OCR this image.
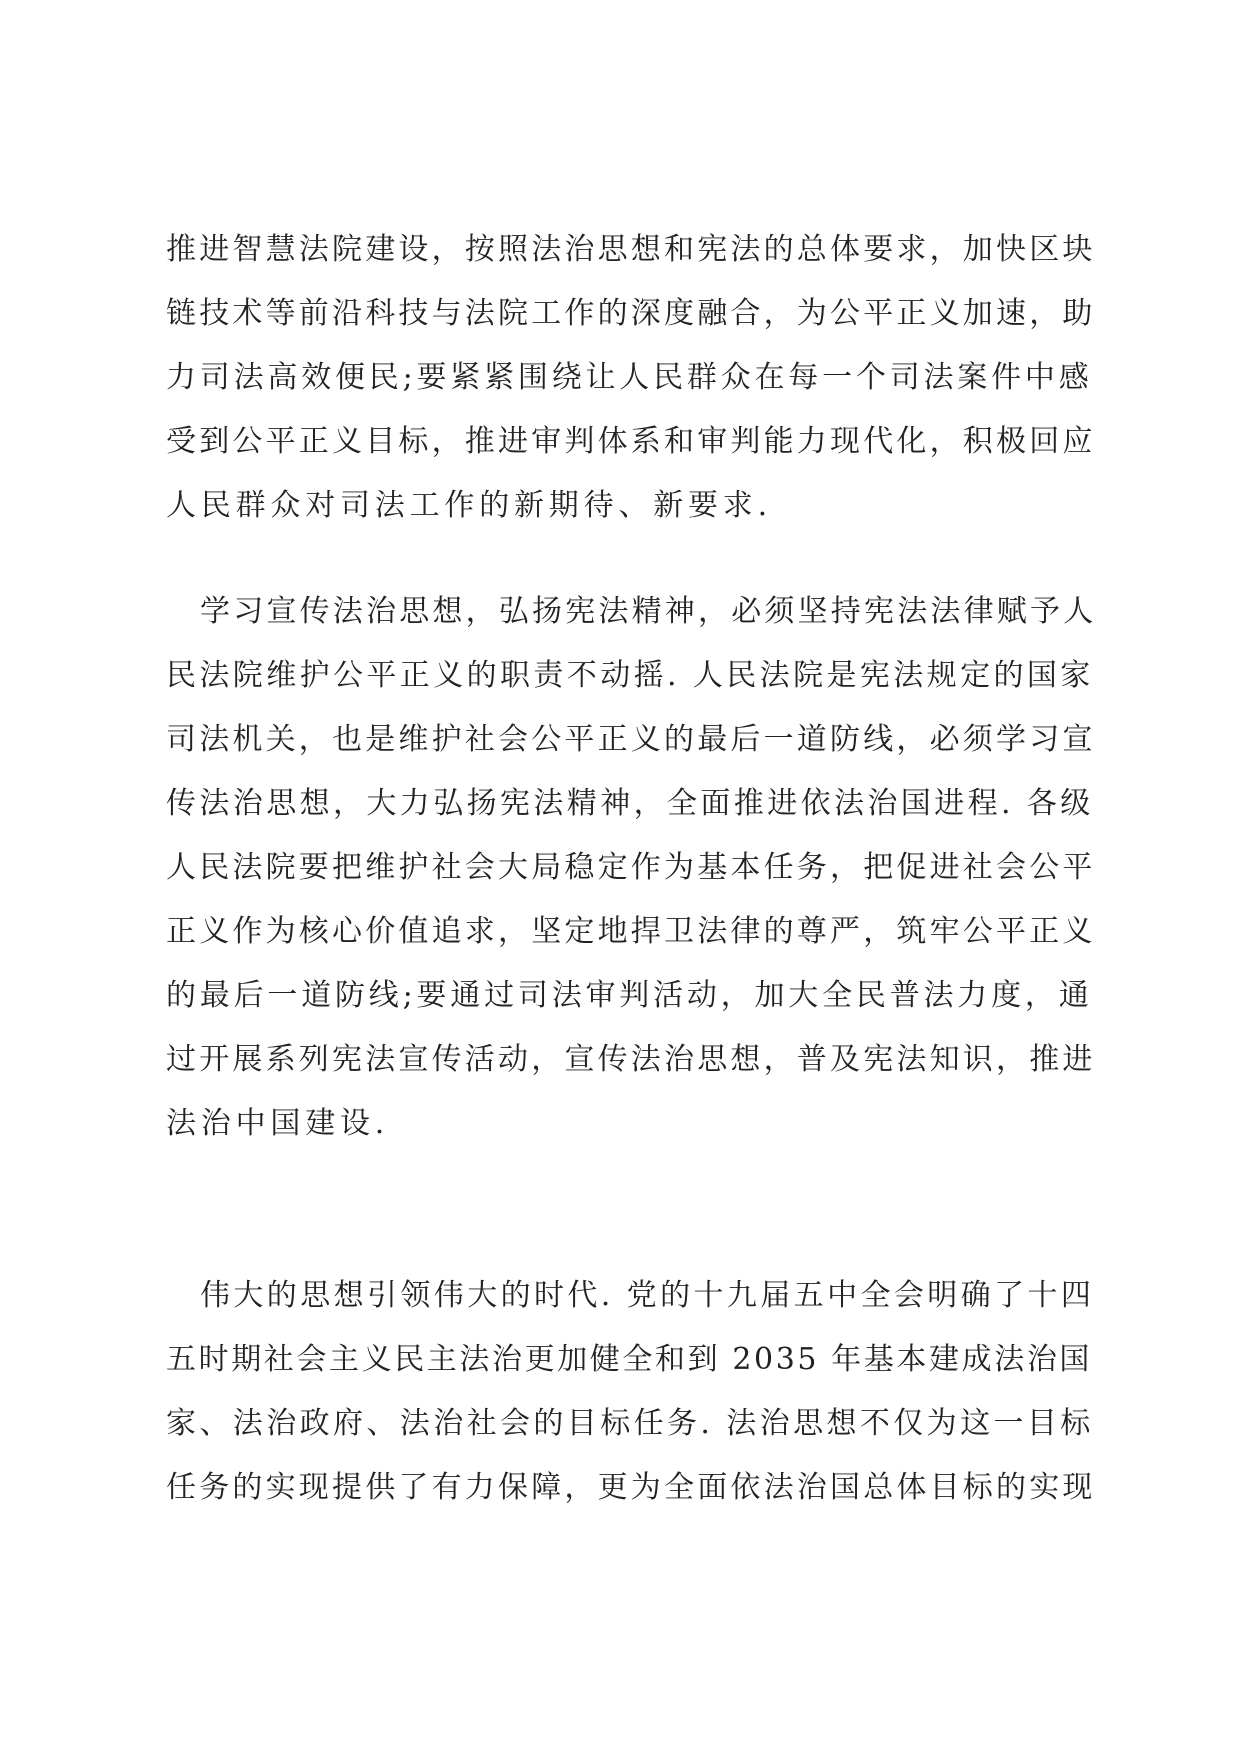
推进智慧法院建设，按照法治思想和宪法的总体要求，加快区块
链技术等前沿科技与法院工作的深度融合，为公平正义加速，助
力司法高效便民;要紧紧围绕让人民群众在每一个司法案件中感
受到公平正义目标，推进审判体系和审判能力现代化，积极回应
人民群众对司法工作的新期待、新要求.
学习宣传法治思想，弘扬宪法精神，必须坚持宪法法律赋予人
民法院维护公平正义的职责不动摇. 人民法院是宪法规定的国家
司法机关，也是维护社会公平正义的最后一道防线，必须学习宣
传法治思想，大力弘扬宪法精神，全面推进依法治国进程. 各级
人民法院要把维护社会大局稳定作为基本任务，把促进社会公平
正义作为核心价值追求，坚定地捍卫法律的尊严，筑牢公平正义
的最后一道防线;要通过司法审判活动，加大全民普法力度，通
过开展系列宪法宣传活动，宣传法治思想，普及宪法知识，推进
法治中国建设.
伟大的思想引领伟大的时代. 党的十九届五中全会明确了十四
五时期社会主义民主法治更加健全和到 2035 年基本建成法治国
家、法治政府、法治社会的目标任务. 法治思想不仅为这一目标
任务的实现提供了有力保障，更为全面依法治国总体目标的实现
